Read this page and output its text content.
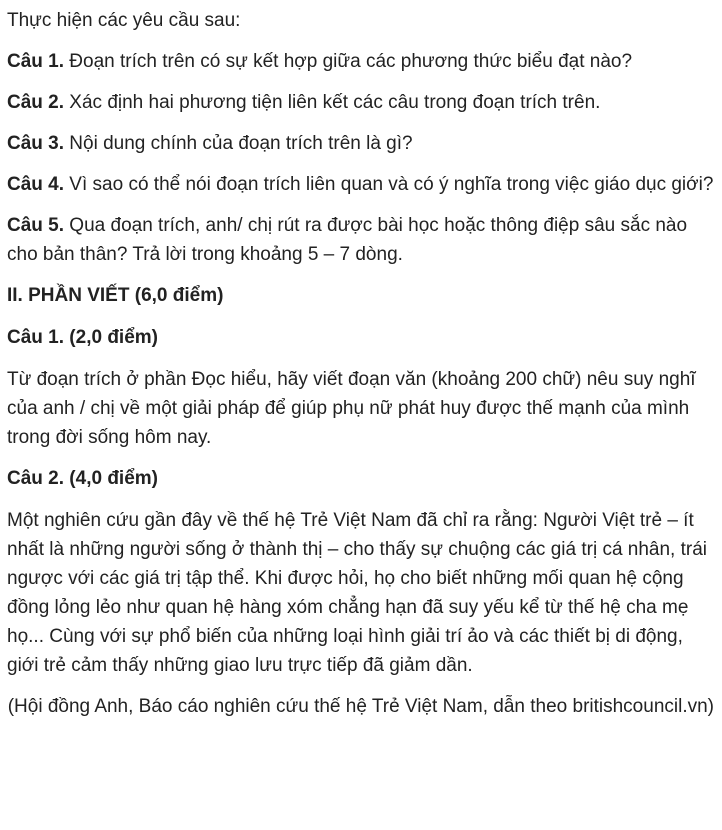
Thực hiện các yêu cầu sau:

Câu 1. Đoạn trích trên có sự kết hợp giữa các phương thức biểu đạt nào?

Câu 2. Xác định hai phương tiện liên kết các câu trong đoạn trích trên.

Câu 3. Nội dung chính của đoạn trích trên là gì?

Câu 4. Vì sao có thể nói đoạn trích liên quan và có ý nghĩa trong việc giáo dục giới?

Câu 5. Qua đoạn trích, anh/ chị rút ra được bài học hoặc thông điệp sâu sắc nào cho bản thân? Trả lời trong khoảng 5 – 7 dòng.

II. PHẦN VIẾT (6,0 điểm)

Câu 1. (2,0 điểm)

Từ đoạn trích ở phần Đọc hiểu, hãy viết đoạn văn (khoảng 200 chữ) nêu suy nghĩ của anh / chị về một giải pháp để giúp phụ nữ phát huy được thế mạnh của mình trong đời sống hôm nay.

Câu 2. (4,0 điểm)

Một nghiên cứu gần đây về thế hệ Trẻ Việt Nam đã chỉ ra rằng: Người Việt trẻ – ít nhất là những người sống ở thành thị – cho thấy sự chuộng các giá trị cá nhân, trái ngược với các giá trị tập thể. Khi được hỏi, họ cho biết những mối quan hệ cộng đồng lỏng lẻo như quan hệ hàng xóm chẳng hạn đã suy yếu kể từ thế hệ cha mẹ họ... Cùng với sự phổ biến của những loại hình giải trí ảo và các thiết bị di động, giới trẻ cảm thấy những giao lưu trực tiếp đã giảm dần.

(Hội đồng Anh, Báo cáo nghiên cứu thế hệ Trẻ Việt Nam, dẫn theo britishcouncil.vn)
